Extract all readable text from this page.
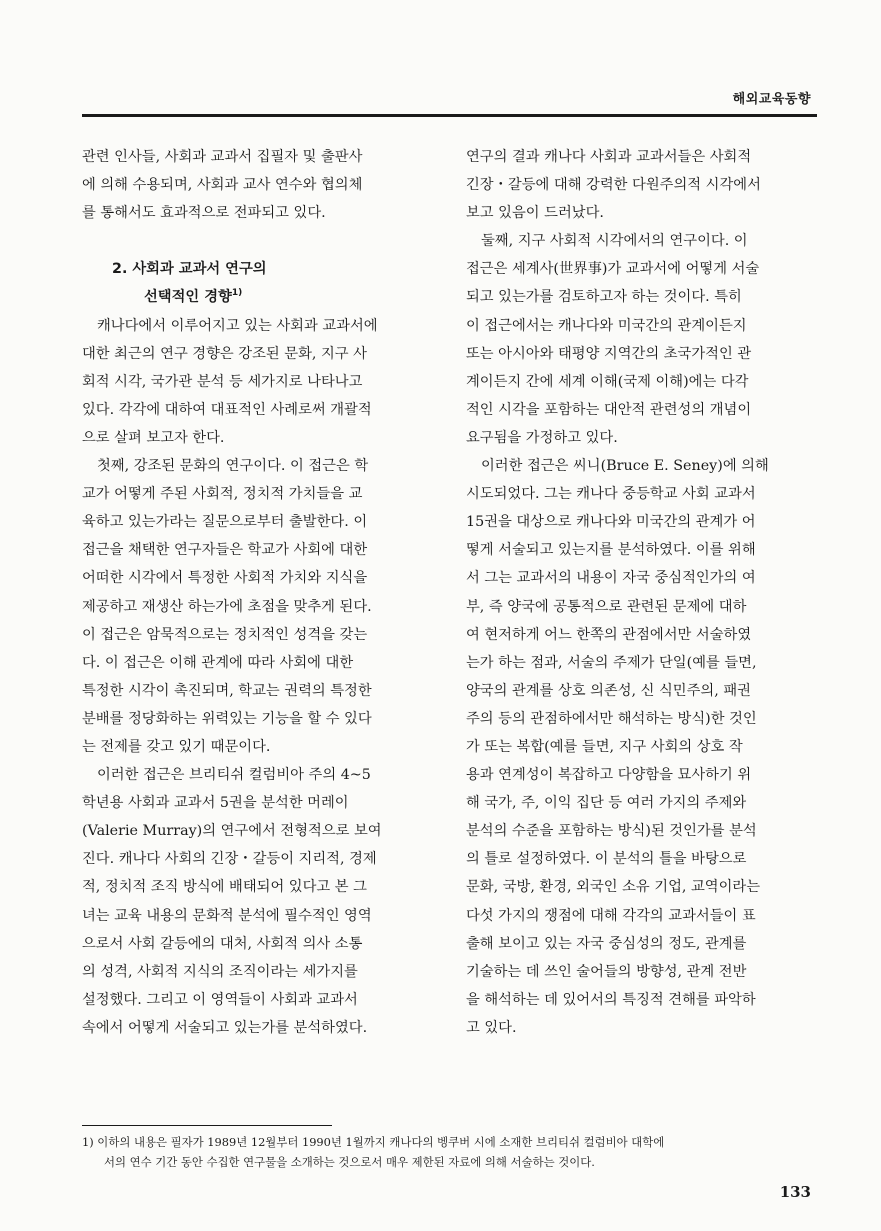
해외교육동향
관련 인사들, 사회과 교과서 집필자 및 출판사
에 의해 수용되며, 사회과 교사 연수와 협의체
를 통해서도 효과적으로 전파되고 있다.
2. 사회과 교과서 연구의
선택적인 경향$^{1)}$
캐나다에서 이루어지고 있는 사회과 교과서에
대한 최근의 연구 경향은 강조된 문화, 지구 사
회적 시각, 국가관 분석 등 세가지로 나타나고
있다. 각각에 대하여 대표적인 사례로써 개괄적
으로 살펴 보고자 한다.
첫째, 강조된 문화의 연구이다. 이 접근은 학
교가 어떻게 주된 사회적, 정치적 가치들을 교
육하고 있는가라는 질문으로부터 출발한다. 이
접근을 채택한 연구자들은 학교가 사회에 대한
어떠한 시각에서 특정한 사회적 가치와 지식을
제공하고 재생산 하는가에 초점을 맞추게 된다.
이 접근은 암묵적으로는 정치적인 성격을 갖는
다. 이 접근은 이해 관계에 따라 사회에 대한
특정한 시각이 촉진되며, 학교는 권력의 특정한
분배를 정당화하는 위력있는 기능을 할 수 있다
는 전제를 갖고 있기 때문이다.
이러한 접근은 브리티쉬 컬럼비아 주의 4~5
학년용 사회과 교과서 5권을 분석한 머레이
(Valerie Murray)의 연구에서 전형적으로 보여
진다. 캐나다 사회의 긴장・갈등이 지리적, 경제
적, 정치적 조직 방식에 배태되어 있다고 본 그
녀는 교육 내용의 문화적 분석에 필수적인 영역
으로서 사회 갈등에의 대처, 사회적 의사 소통
의 성격, 사회적 지식의 조직이라는 세가지를
설정했다. 그리고 이 영역들이 사회과 교과서
속에서 어떻게 서술되고 있는가를 분석하였다.
연구의 결과 캐나다 사회과 교과서들은 사회적
긴장・갈등에 대해 강력한 다원주의적 시각에서
보고 있음이 드러났다.
둘째, 지구 사회적 시각에서의 연구이다. 이
접근은 세계사(世界事)가 교과서에 어떻게 서술
되고 있는가를 검토하고자 하는 것이다. 특히
이 접근에서는 캐나다와 미국간의 관계이든지
또는 아시아와 태평양 지역간의 초국가적인 관
계이든지 간에 세계 이해(국제 이해)에는 다각
적인 시각을 포함하는 대안적 관련성의 개념이
요구됨을 가정하고 있다.
이러한 접근은 씨니(Bruce E. Seney)에 의해
시도되었다. 그는 캐나다 중등학교 사회 교과서
15권을 대상으로 캐나다와 미국간의 관계가 어
떻게 서술되고 있는지를 분석하였다. 이를 위해
서 그는 교과서의 내용이 자국 중심적인가의 여
부, 즉 양국에 공통적으로 관련된 문제에 대하
여 현저하게 어느 한쪽의 관점에서만 서술하였
는가 하는 점과, 서술의 주제가 단일(예를 들면,
양국의 관계를 상호 의존성, 신 식민주의, 패권
주의 등의 관점하에서만 해석하는 방식)한 것인
가 또는 복합(예를 들면, 지구 사회의 상호 작
용과 연계성이 복잡하고 다양함을 묘사하기 위
해 국가, 주, 이익 집단 등 여러 가지의 주제와
분석의 수준을 포함하는 방식)된 것인가를 분석
의 틀로 설정하였다. 이 분석의 틀을 바탕으로
문화, 국방, 환경, 외국인 소유 기업, 교역이라는
다섯 가지의 쟁점에 대해 각각의 교과서들이 표
출해 보이고 있는 자국 중심성의 정도, 관계를
기술하는 데 쓰인 술어들의 방향성, 관계 전반
을 해석하는 데 있어서의 특징적 견해를 파악하
고 있다.
1) 이하의 내용은 필자가 1989년 12월부터 1990년 1월까지 캐나다의 벵쿠버 시에 소재한 브리티쉬 컬럼비아 대학에
서의 연수 기간 동안 수집한 연구물을 소개하는 것으로서 매우 제한된 자료에 의해 서술하는 것이다.
133
